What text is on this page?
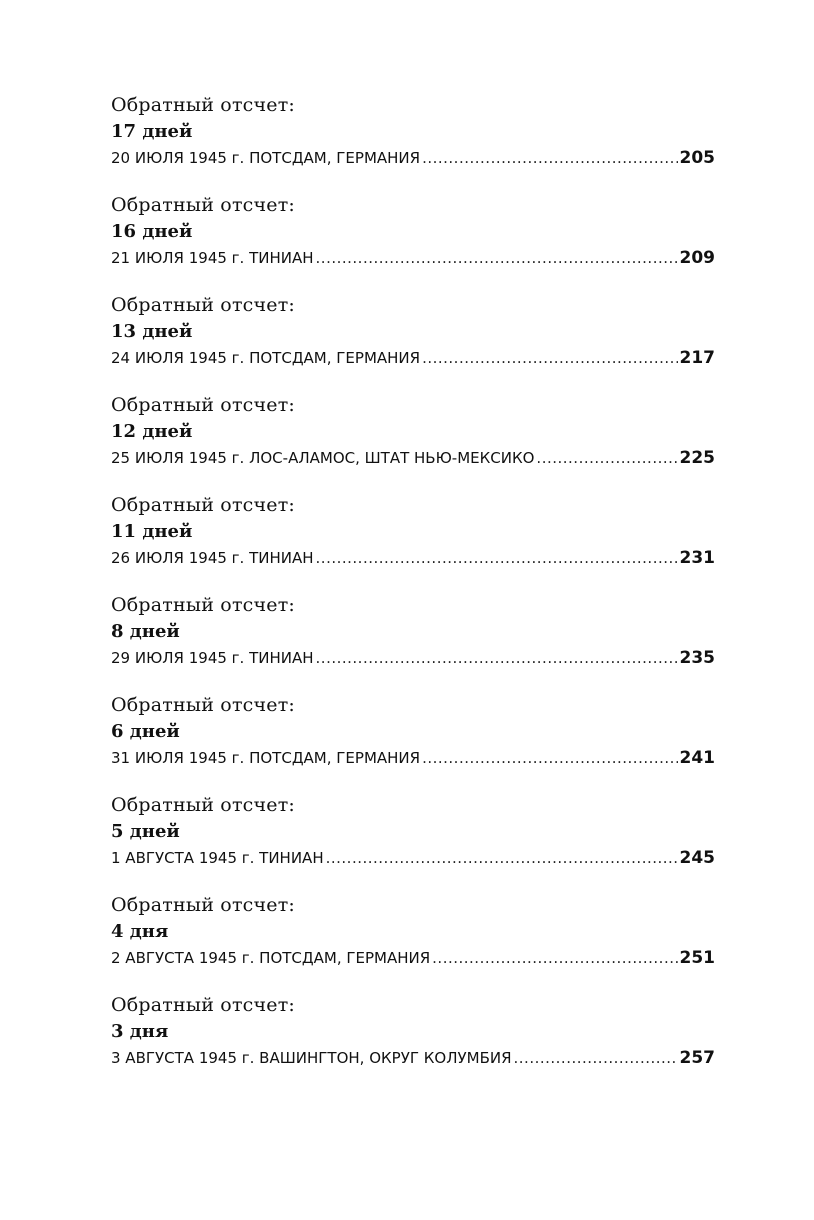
Обратный отсчет:
17 дней
20 ИЮЛЯ 1945 г. ПОТСДАМ, ГЕРМАНИЯ .....	205
Обратный отсчет:
16 дней
21 ИЮЛЯ 1945 г. ТИНИАН .....	209
Обратный отсчет:
13 дней
24 ИЮЛЯ 1945 г. ПОТСДАМ, ГЕРМАНИЯ .....	217
Обратный отсчет:
12 дней
25 ИЮЛЯ 1945 г. ЛОС-АЛАМОС, ШТАТ НЬЮ-МЕКСИКО .....	225
Обратный отсчет:
11 дней
26 ИЮЛЯ 1945 г. ТИНИАН .....	231
Обратный отсчет:
8 дней
29 ИЮЛЯ 1945 г. ТИНИАН .....	235
Обратный отсчет:
6 дней
31 ИЮЛЯ 1945 г. ПОТСДАМ, ГЕРМАНИЯ .....	241
Обратный отсчет:
5 дней
1 АВГУСТА 1945 г. ТИНИАН .....	245
Обратный отсчет:
4 дня
2 АВГУСТА 1945 г. ПОТСДАМ, ГЕРМАНИЯ .....	251
Обратный отсчет:
3 дня
3 АВГУСТА 1945 г. ВАШИНГТОН, ОКРУГ КОЛУМБИЯ .....	257
